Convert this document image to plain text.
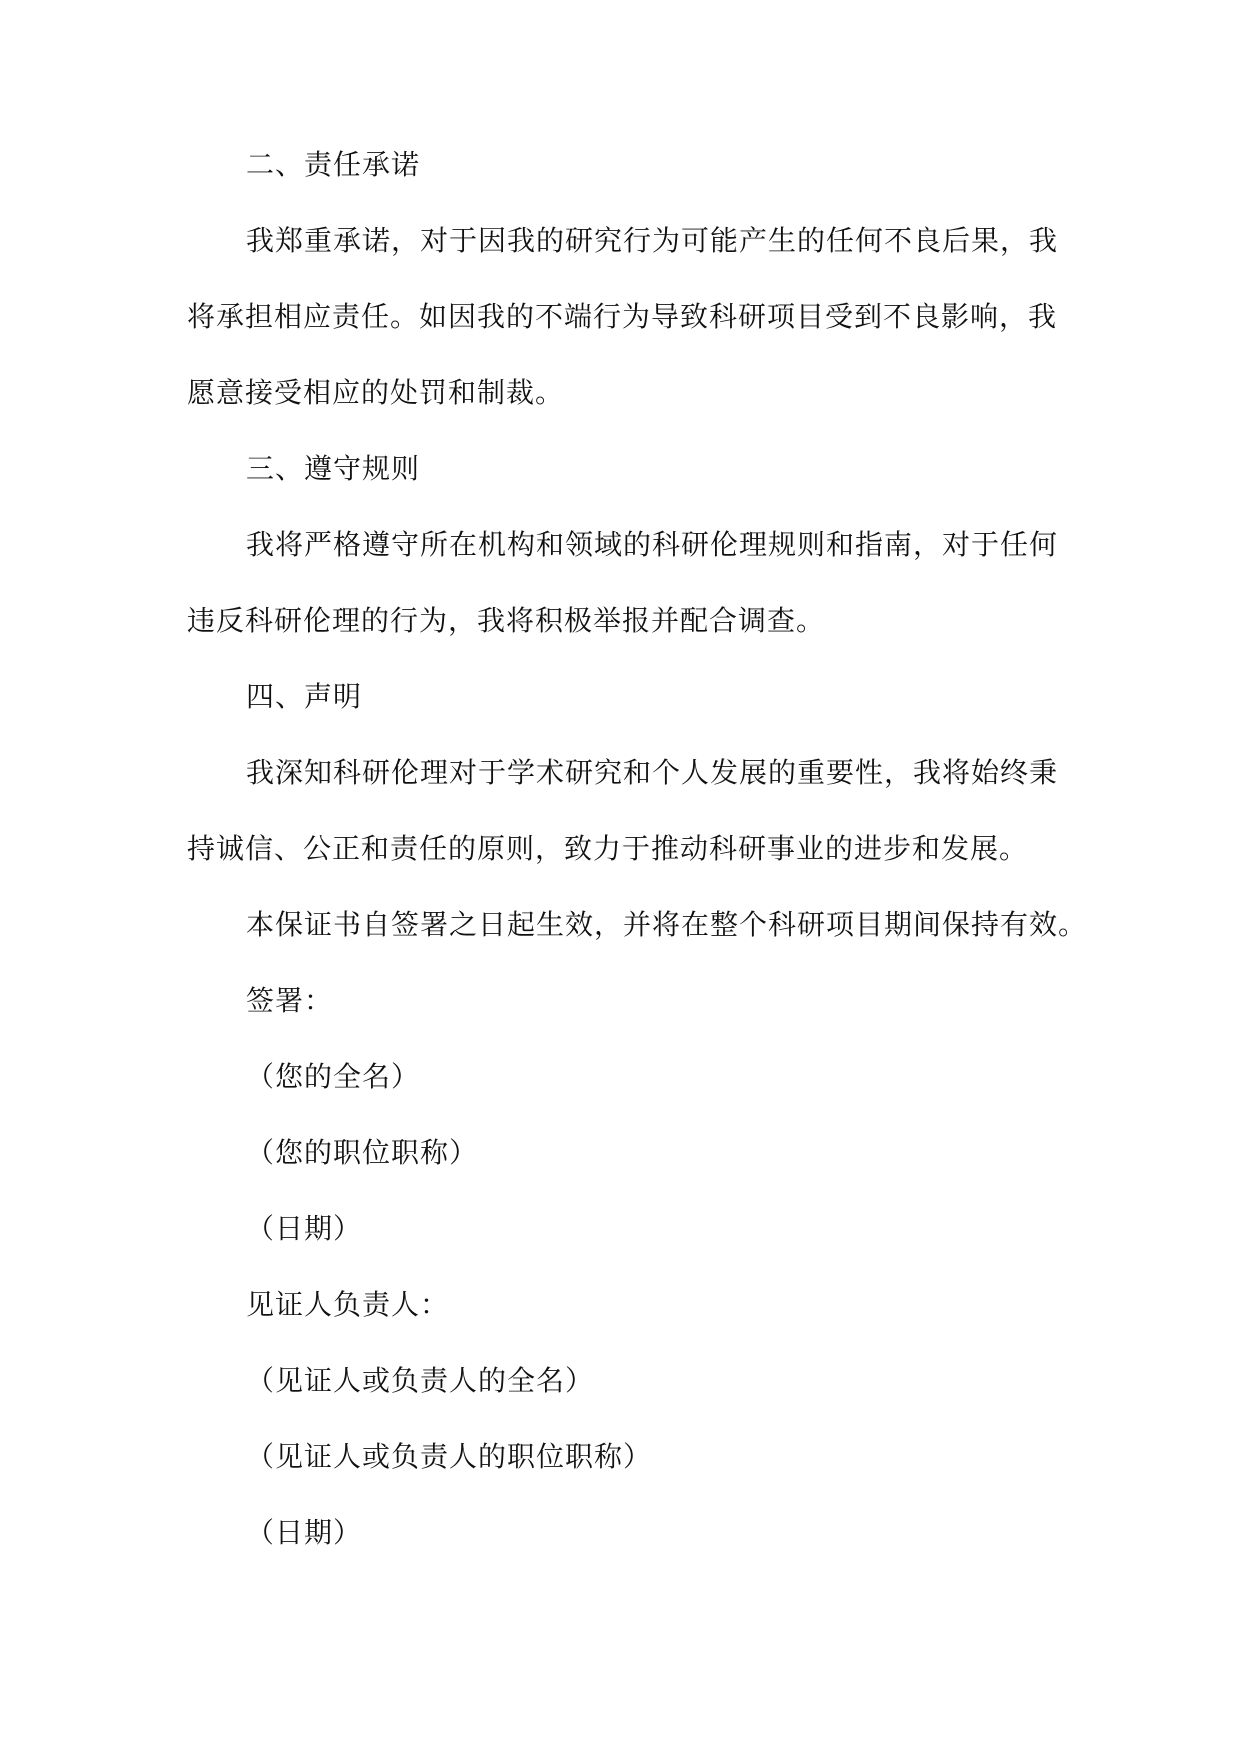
二、责任承诺
我郑重承诺，对于因我的研究行为可能产生的任何不良后果，我
将承担相应责任。如因我的不端行为导致科研项目受到不良影响，我
愿意接受相应的处罚和制裁。
三、遵守规则
我将严格遵守所在机构和领域的科研伦理规则和指南，对于任何
违反科研伦理的行为，我将积极举报并配合调查。
四、声明
我深知科研伦理对于学术研究和个人发展的重要性，我将始终秉
持诚信、公正和责任的原则，致力于推动科研事业的进步和发展。
本保证书自签署之日起生效，并将在整个科研项目期间保持有效。
签署：
（您的全名）
（您的职位职称）
（日期）
见证人负责人：
（见证人或负责人的全名）
（见证人或负责人的职位职称）
（日期）
